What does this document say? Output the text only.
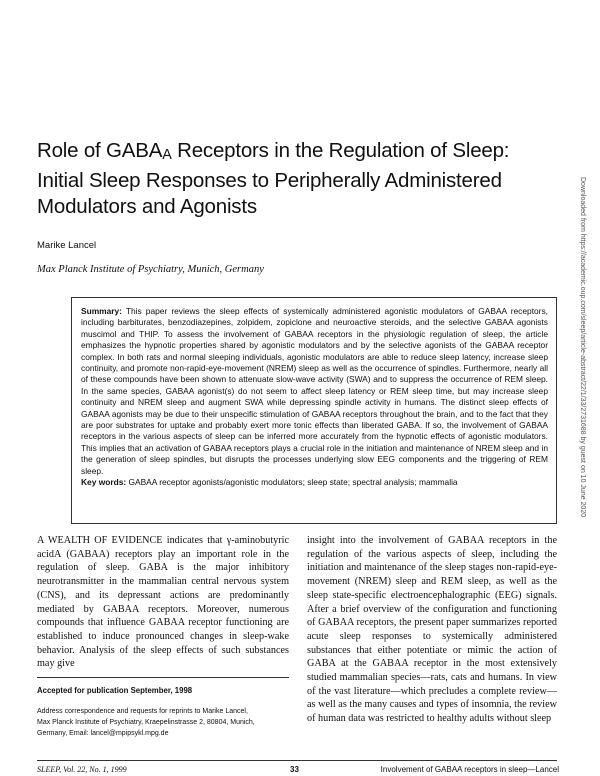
Role of GABAA Receptors in the Regulation of Sleep:
Initial Sleep Responses to Peripherally Administered
Modulators and Agonists
Marike Lancel
Max Planck Institute of Psychiatry, Munich, Germany
Summary: This paper reviews the sleep effects of systemically administered agonistic modulators of GABAA receptors, including barbiturates, benzodiazepines, zolpidem, zopiclone and neuroactive steroids, and the selective GABAA agonists muscimol and THIP. To assess the involvement of GABAA receptors in the physiologic regulation of sleep, the article emphasizes the hypnotic properties shared by agonistic modulators and by the selective agonists of the GABAA receptor complex. In both rats and normal sleeping individuals, agonistic modulators are able to reduce sleep latency, increase sleep continuity, and promote non-rapid-eye-movement (NREM) sleep as well as the occurrence of spindles. Furthermore, nearly all of these compounds have been shown to attenuate slow-wave activity (SWA) and to suppress the occurrence of REM sleep. In the same species, GABAA agonist(s) do not seem to affect sleep latency or REM sleep time, but may increase sleep continuity and NREM sleep and augment SWA while depressing spindle activity in humans. The distinct sleep effects of GABAA agonists may be due to their unspecific stimulation of GABAA receptors throughout the brain, and to the fact that they are poor substrates for uptake and probably exert more tonic effects than liberated GABA. If so, the involvement of GABAA receptors in the various aspects of sleep can be inferred more accurately from the hypnotic effects of agonistic modulators. This implies that an activation of GABAA receptors plays a crucial role in the initiation and maintenance of NREM sleep and in the generation of sleep spindles, but disrupts the processes underlying slow EEG components and the triggering of REM sleep.
Key words: GABAA receptor agonists/agonistic modulators; sleep state; spectral analysis; mammalia
A WEALTH OF EVIDENCE indicates that γ-aminobutyric acidA (GABAA) receptors play an important role in the regulation of sleep. GABA is the major inhibitory neurotransmitter in the mammalian central nervous system (CNS), and its depressant actions are predominantly mediated by GABAA receptors. Moreover, numerous compounds that influence GABAA receptor functioning are established to induce pronounced changes in sleep-wake behavior. Analysis of the sleep effects of such substances may give
insight into the involvement of GABAA receptors in the regulation of the various aspects of sleep, including the initiation and maintenance of the sleep stages non-rapid-eye-movement (NREM) sleep and REM sleep, as well as the sleep state-specific electroencephalographic (EEG) signals. After a brief overview of the configuration and functioning of GABAA receptors, the present paper summarizes reported acute sleep responses to systemically administered substances that either potentiate or mimic the action of GABA at the GABAA receptor in the most extensively studied mammalian species—rats, cats and humans. In view of the vast literature—which precludes a complete review—as well as the many causes and types of insomnia, the review of human data was restricted to healthy adults without sleep
Accepted for publication September, 1998
Address correspondence and requests for reprints to Marike Lancel,
Max Planck Institute of Psychiatry, Kraepelinstrasse 2, 80804, Munich,
Germany, Email: lancel@mpipsykl.mpg.de
SLEEP, Vol. 22, No. 1, 1999	33	Involvement of GABAA receptors in sleep—Lancel
Downloaded from https://academic.oup.com/sleep/article-abstract/22/1/33/2731688 by guest on 10 June 2020
